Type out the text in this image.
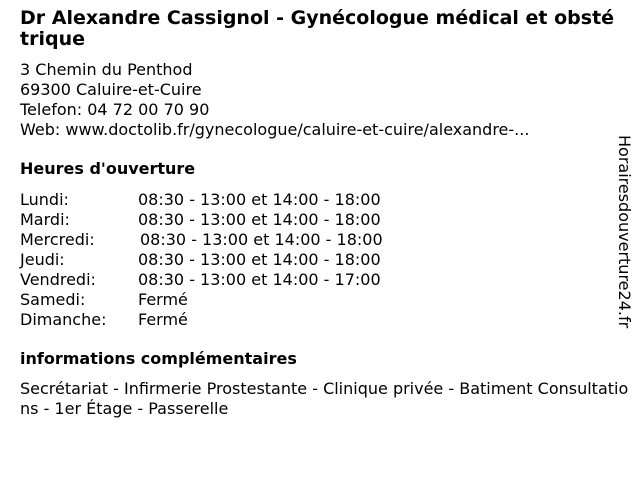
Dr Alexandre Cassignol - Gynécologue médical et obstétrique
3 Chemin du Penthod
69300 Caluire-et-Cuire
Telefon: 04 72 00 70 90
Web: www.doctolib.fr/gynecologue/caluire-et-cuire/alexandre-...
Heures d'ouverture
Lundi:	08:30 - 13:00 et 14:00 - 18:00
Mardi:	08:30 - 13:00 et 14:00 - 18:00
Mercredi:	08:30 - 13:00 et 14:00 - 18:00
Jeudi:	08:30 - 13:00 et 14:00 - 18:00
Vendredi:	08:30 - 13:00 et 14:00 - 17:00
Samedi:	Fermé
Dimanche:	Fermé
informations complémentaires
Secrétariat - Infirmerie Prostestante - Clinique privée - Batiment Consultations - 1er Étage - Passerelle
Horairesdouverture24.fr
